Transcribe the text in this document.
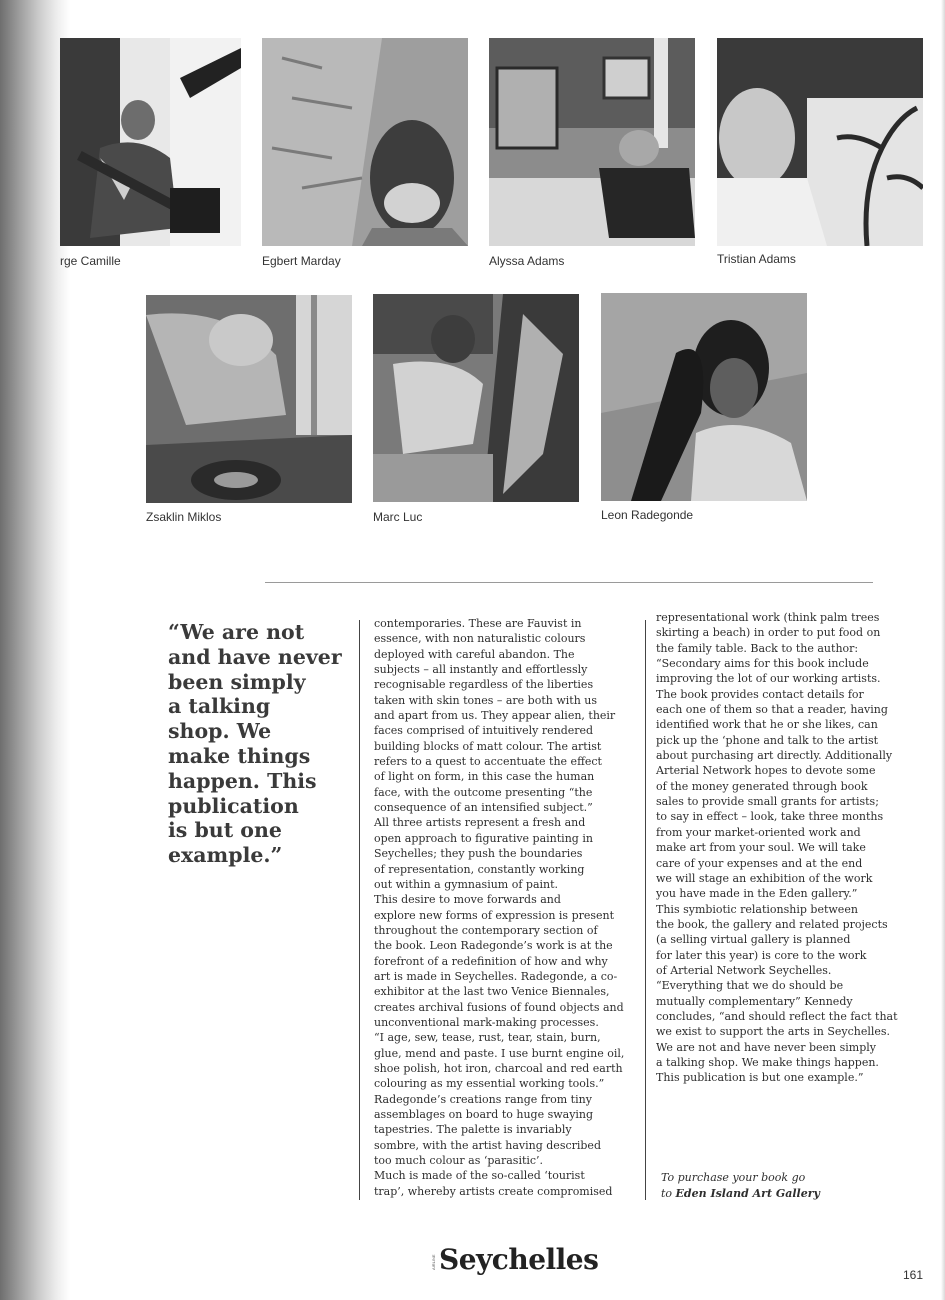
rge Camille	Egbert Marday	Alyssa Adams	Tristian Adams
Zsaklin Miklos	Marc Luc	Leon Radegonde
“We are not
and have never
been simply
a talking
shop. We
make things
happen. This
publication
is but one
example.”
contemporaries. These are Fauvist in
essence, with non naturalistic colours
deployed with careful abandon. The
subjects – all instantly and effortlessly
recognisable regardless of the liberties
taken with skin tones – are both with us
and apart from us. They appear alien, their
faces comprised of intuitively rendered
building blocks of matt colour. The artist
refers to a quest to accentuate the effect
of light on form, in this case the human
face, with the outcome presenting “the
consequence of an intensified subject.”
All three artists represent a fresh and
open approach to figurative painting in
Seychelles; they push the boundaries
of representation, constantly working
out within a gymnasium of paint.
This desire to move forwards and
explore new forms of expression is present
throughout the contemporary section of
the book. Leon Radegonde’s work is at the
forefront of a redefinition of how and why
art is made in Seychelles. Radegonde, a co-
exhibitor at the last two Venice Biennales,
creates archival fusions of found objects and
unconventional mark-making processes.
“I age, sew, tease, rust, tear, stain, burn,
glue, mend and paste. I use burnt engine oil,
shoe polish, hot iron, charcoal and red earth
colouring as my essential working tools.”
Radegonde’s creations range from tiny
assemblages on board to huge swaying
tapestries. The palette is invariably
sombre, with the artist having described
too much colour as ‘parasitic’.
Much is made of the so-called ‘tourist
trap’, whereby artists create compromised
representational work (think palm trees
skirting a beach) in order to put food on
the family table. Back to the author:
“Secondary aims for this book include
improving the lot of our working artists.
The book provides contact details for
each one of them so that a reader, having
identified work that he or she likes, can
pick up the ‘phone and talk to the artist
about purchasing art directly. Additionally
Arterial Network hopes to devote some
of the money generated through book
sales to provide small grants for artists;
to say in effect – look, take three months
from your market-oriented work and
make art from your soul. We will take
care of your expenses and at the end
we will stage an exhibition of the work
you have made in the Eden gallery.”
This symbiotic relationship between
the book, the gallery and related projects
(a selling virtual gallery is planned
for later this year) is core to the work
of Arterial Network Seychelles.
“Everything that we do should be
mutually complementary” Kennedy
concludes, “and should reflect the fact that
we exist to support the arts in Seychelles.
We are not and have never been simply
a talking shop. We make things happen.
This publication is but one example.”
To purchase your book go
to Eden Island Art Gallery
AIRLINE Seychelles	161
